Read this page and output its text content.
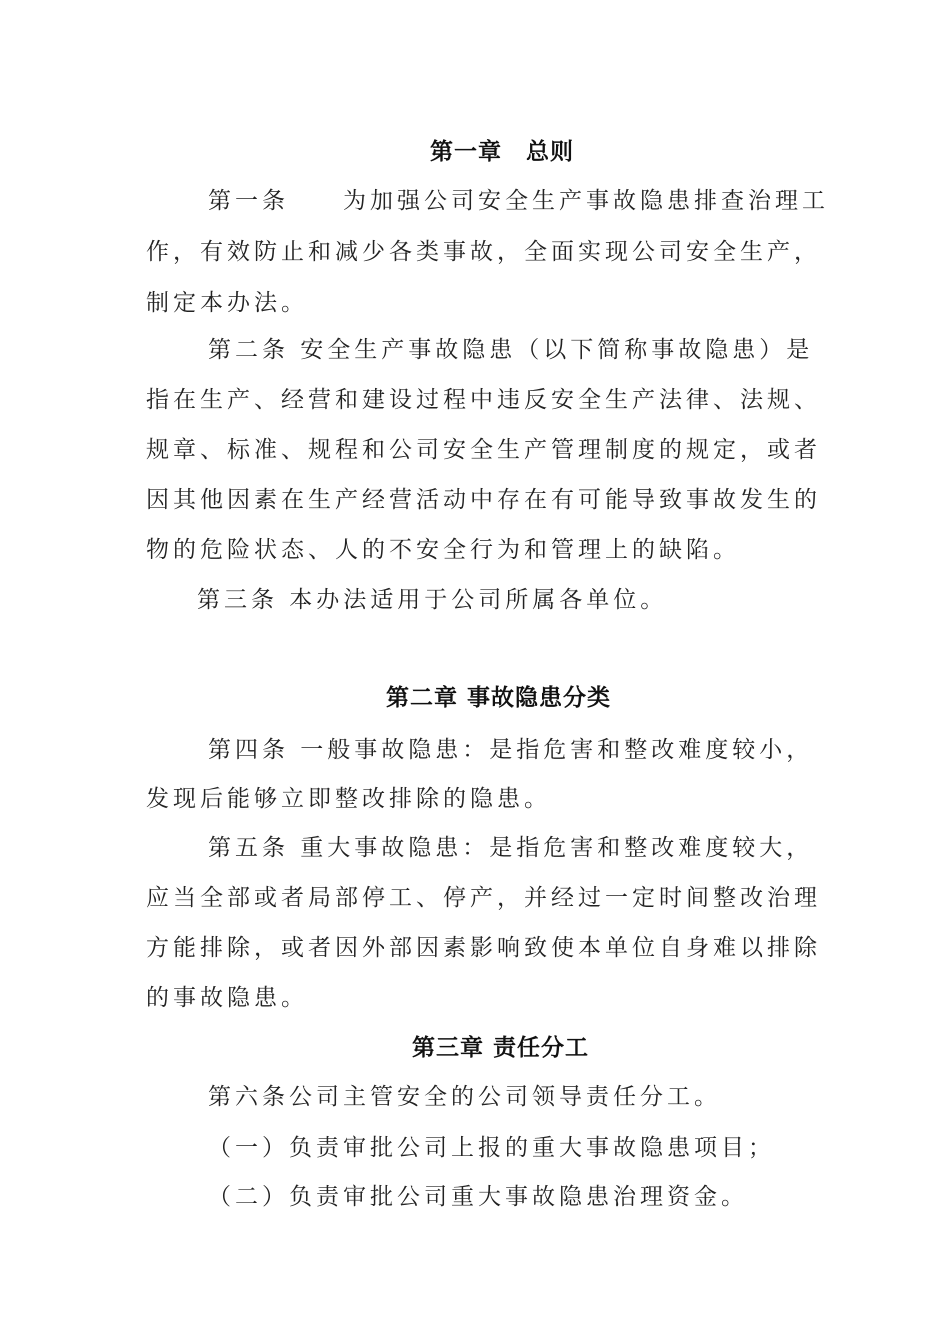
第一章　总则
第一条　　为加强公司安全生产事故隐患排查治理工
作，有效防止和减少各类事故，全面实现公司安全生产，
制定本办法。
第二条 安全生产事故隐患（以下简称事故隐患）是
指在生产、经营和建设过程中违反安全生产法律、法规、
规章、标准、规程和公司安全生产管理制度的规定，或者
因其他因素在生产经营活动中存在有可能导致事故发生的
物的危险状态、人的不安全行为和管理上的缺陷。
第三条 本办法适用于公司所属各单位。
第二章 事故隐患分类
第四条 一般事故隐患：是指危害和整改难度较小，
发现后能够立即整改排除的隐患。
第五条 重大事故隐患：是指危害和整改难度较大，
应当全部或者局部停工、停产，并经过一定时间整改治理
方能排除，或者因外部因素影响致使本单位自身难以排除
的事故隐患。
第三章 责任分工
第六条公司主管安全的公司领导责任分工。
（一）负责审批公司上报的重大事故隐患项目；
（二）负责审批公司重大事故隐患治理资金。
